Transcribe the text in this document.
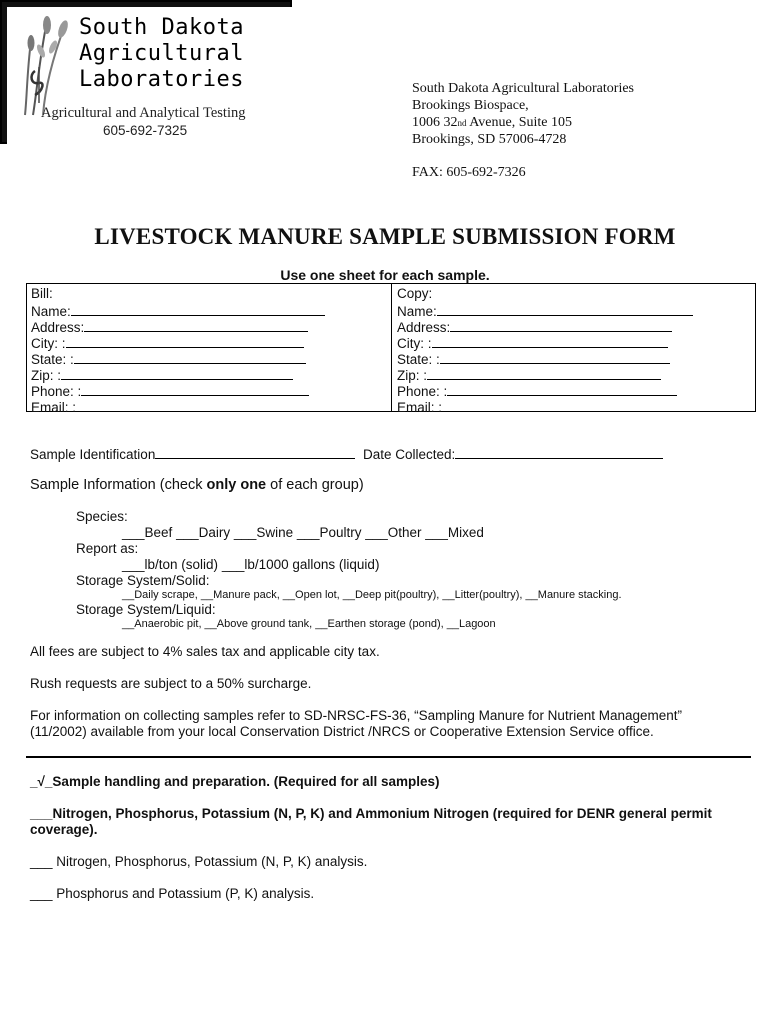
South Dakota
Agricultural
Laboratories
Agricultural and Analytical Testing
605-692-7325
South Dakota Agricultural Laboratories
Brookings Biospace,
1006 32nd Avenue, Suite 105
Brookings, SD 57006-4728
FAX: 605-692-7326
LIVESTOCK MANURE SAMPLE SUBMISSION FORM
Use one sheet for each sample.
Bill:
Name:
Address:
City: :
State: :
Zip: :
Phone: :
Email: :
Copy:
Name:
Address:
City: :
State: :
Zip: :
Phone: :
Email: :
Sample Identification	Date Collected:
Sample Information (check only one of each group)
Species:
___Beef ___Dairy ___Swine ___Poultry ___Other ___Mixed
Report as:
___lb/ton (solid) ___lb/1000 gallons (liquid)
Storage System/Solid:
__Daily scrape, __Manure pack, __Open lot, __Deep pit(poultry), __Litter(poultry), __Manure stacking.
Storage System/Liquid:
__Anaerobic pit, __Above ground tank, __Earthen storage (pond), __Lagoon
All fees are subject to 4% sales tax and applicable city tax.
Rush requests are subject to a 50% surcharge.
For information on collecting samples refer to SD-NRSC-FS-36, “Sampling Manure for Nutrient Management”
(11/2002) available from your local Conservation District /NRCS or Cooperative Extension Service office.
_√_Sample handling and preparation. (Required for all samples)
___Nitrogen, Phosphorus, Potassium (N, P, K) and Ammonium Nitrogen (required for DENR general permit
coverage).
___ Nitrogen, Phosphorus, Potassium (N, P, K) analysis.
___ Phosphorus and Potassium (P, K) analysis.
